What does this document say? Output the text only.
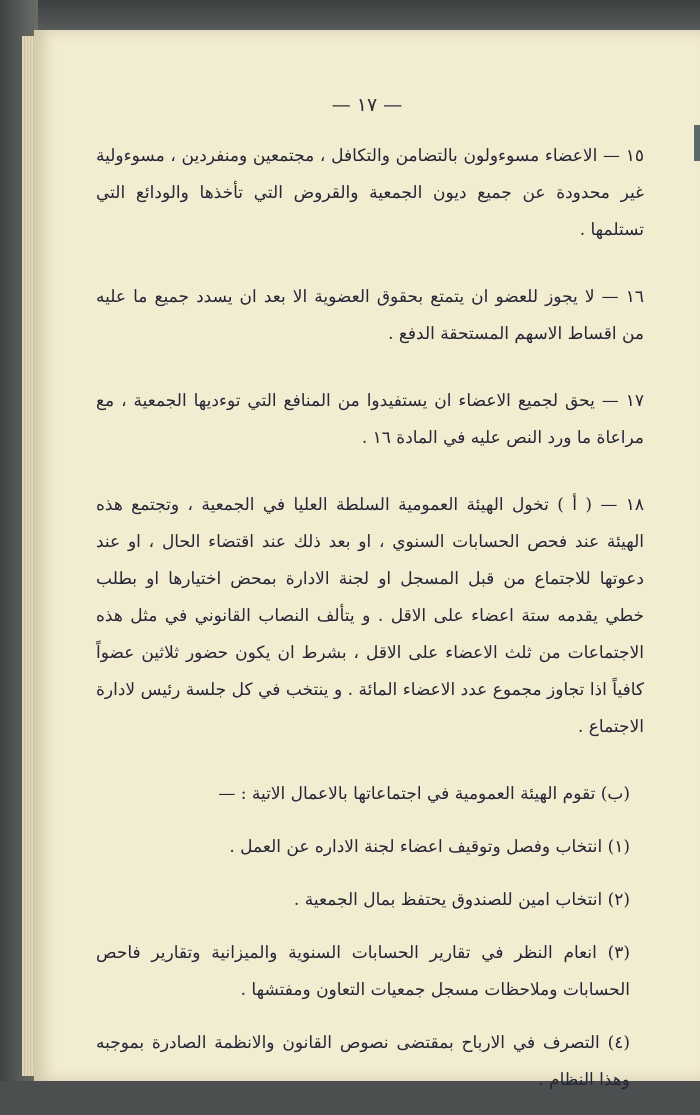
— ١٧ —

١٥ — الاعضاء مسوءولون بالتضامن والتكافل ، مجتمعين ومنفردين ، مسوءولية غير محدودة عن جميع ديون الجمعية والقروض التي تأخذها والودائع التي تستلمها .

١٦ — لا يجوز للعضو ان يتمتع بحقوق العضوية الا بعد ان يسدد جميع ما عليه من اقساط الاسهم المستحقة الدفع .

١٧ — يحق لجميع الاعضاء ان يستفيدوا من المنافع التي توءديها الجمعية ، مع مراعاة ما ورد النص عليه في المادة ١٦ .

١٨ — ( أ ) تخول الهيئة العمومية السلطة العليا في الجمعية ، وتجتمع هذه الهيئة عند فحص الحسابات السنوي ، او بعد ذلك عند اقتضاء الحال ، او عند دعوتها للاجتماع من قبل المسجل او لجنة الادارة بمحض اختيارها او بطلب خطي يقدمه ستة اعضاء على الاقل . و يتألف النصاب القانوني في مثل هذه الاجتماعات من ثلث الاعضاء على الاقل ، بشرط ان يكون حضور ثلاثين عضواً كافياً اذا تجاوز مجموع عدد الاعضاء المائة . و ينتخب في كل جلسة رئيس لادارة الاجتماع .

(ب) تقوم الهيئة العمومية في اجتماعاتها بالاعمال الاتية : —

(١) انتخاب وفصل وتوقيف اعضاء لجنة الاداره عن العمل .

(٢) انتخاب امين للصندوق يحتفظ بمال الجمعية .

(٣) انعام النظر في تقارير الحسابات السنوية والميزانية وتقارير فاحص الحسابات وملاحظات مسجل جمعيات التعاون ومفتشها .

(٤) التصرف في الارباح بمقتضى نصوص القانون والانظمة الصادرة بموجبه وهذا النظام .
